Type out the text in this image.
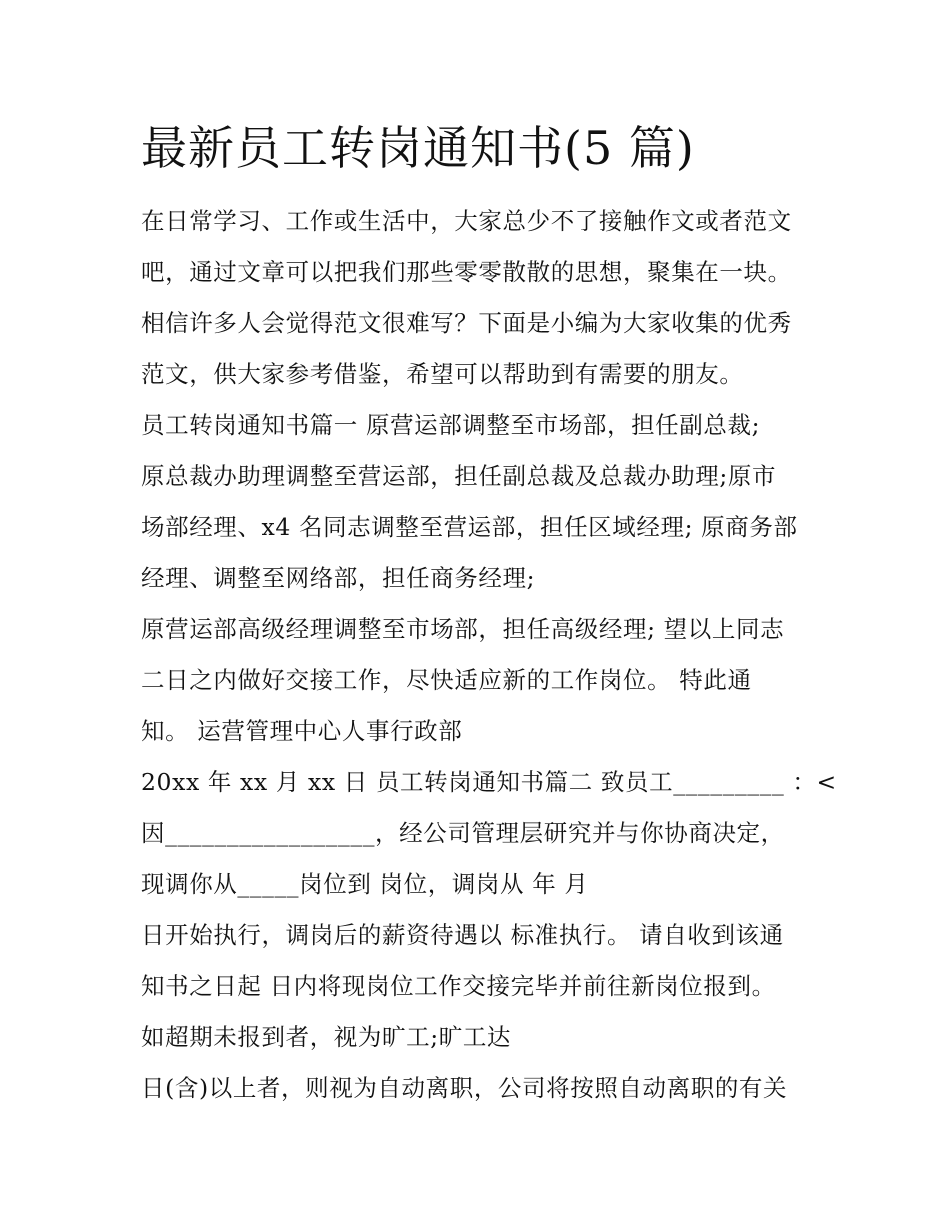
最新员工转岗通知书(5 篇)
在日常学习、工作或生活中，大家总少不了接触作文或者范文
吧，通过文章可以把我们那些零零散散的思想，聚集在一块。
相信许多人会觉得范文很难写？下面是小编为大家收集的优秀
范文，供大家参考借鉴，希望可以帮助到有需要的朋友。
员工转岗通知书篇一 原营运部调整至市场部，担任副总裁;
原总裁办助理调整至营运部，担任副总裁及总裁办助理;原市
场部经理、x4 名同志调整至营运部，担任区域经理; 原商务部
经理、调整至网络部，担任商务经理;
原营运部高级经理调整至市场部，担任高级经理; 望以上同志
二日之内做好交接工作，尽快适应新的工作岗位。 特此通
知。 运营管理中心人事行政部
20xx 年 xx 月 xx 日 员工转岗通知书篇二 致员工_________ ：<
因_________________，经公司管理层研究并与你协商决定，
现调你从_____岗位到 岗位，调岗从 年 月
日开始执行，调岗后的薪资待遇以 标准执行。 请自收到该通
知书之日起 日内将现岗位工作交接完毕并前往新岗位报到。
如超期未报到者，视为旷工;旷工达
日(含)以上者，则视为自动离职，公司将按照自动离职的有关
